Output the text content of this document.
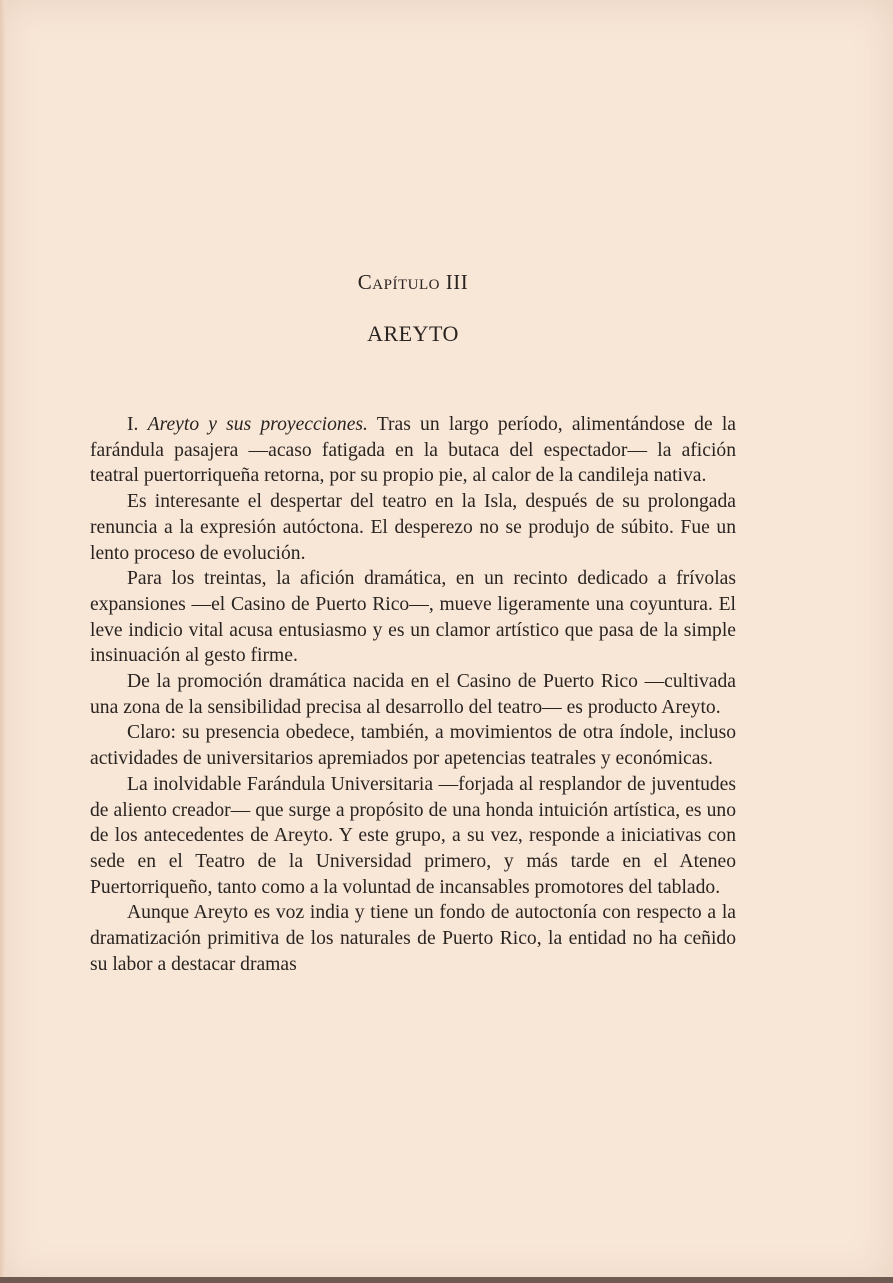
Capítulo III
AREYTO

I. Areyto y sus proyecciones. Tras un largo período, alimentándose de la farándula pasajera —acaso fatigada en la butaca del espectador— la afición teatral puertorriqueña retorna, por su propio pie, al calor de la candileja nativa.

Es interesante el despertar del teatro en la Isla, después de su prolongada renuncia a la expresión autóctona. El desperezo no se produjo de súbito. Fue un lento proceso de evolución.

Para los treintas, la afición dramática, en un recinto dedicado a frívolas expansiones —el Casino de Puerto Rico—, mueve ligeramente una coyuntura. El leve indicio vital acusa entusiasmo y es un clamor artístico que pasa de la simple insinuación al gesto firme.

De la promoción dramática nacida en el Casino de Puerto Rico —cultivada una zona de la sensibilidad precisa al desarrollo del teatro— es producto Areyto.

Claro: su presencia obedece, también, a movimientos de otra índole, incluso actividades de universitarios apremiados por apetencias teatrales y económicas.

La inolvidable Farándula Universitaria —forjada al resplandor de juventudes de aliento creador— que surge a propósito de una honda intuición artística, es uno de los antecedentes de Areyto. Y este grupo, a su vez, responde a iniciativas con sede en el Teatro de la Universidad primero, y más tarde en el Ateneo Puertorriqueño, tanto como a la voluntad de incansables promotores del tablado.

Aunque Areyto es voz india y tiene un fondo de autoctonía con respecto a la dramatización primitiva de los naturales de Puerto Rico, la entidad no ha ceñido su labor a destacar dramas
